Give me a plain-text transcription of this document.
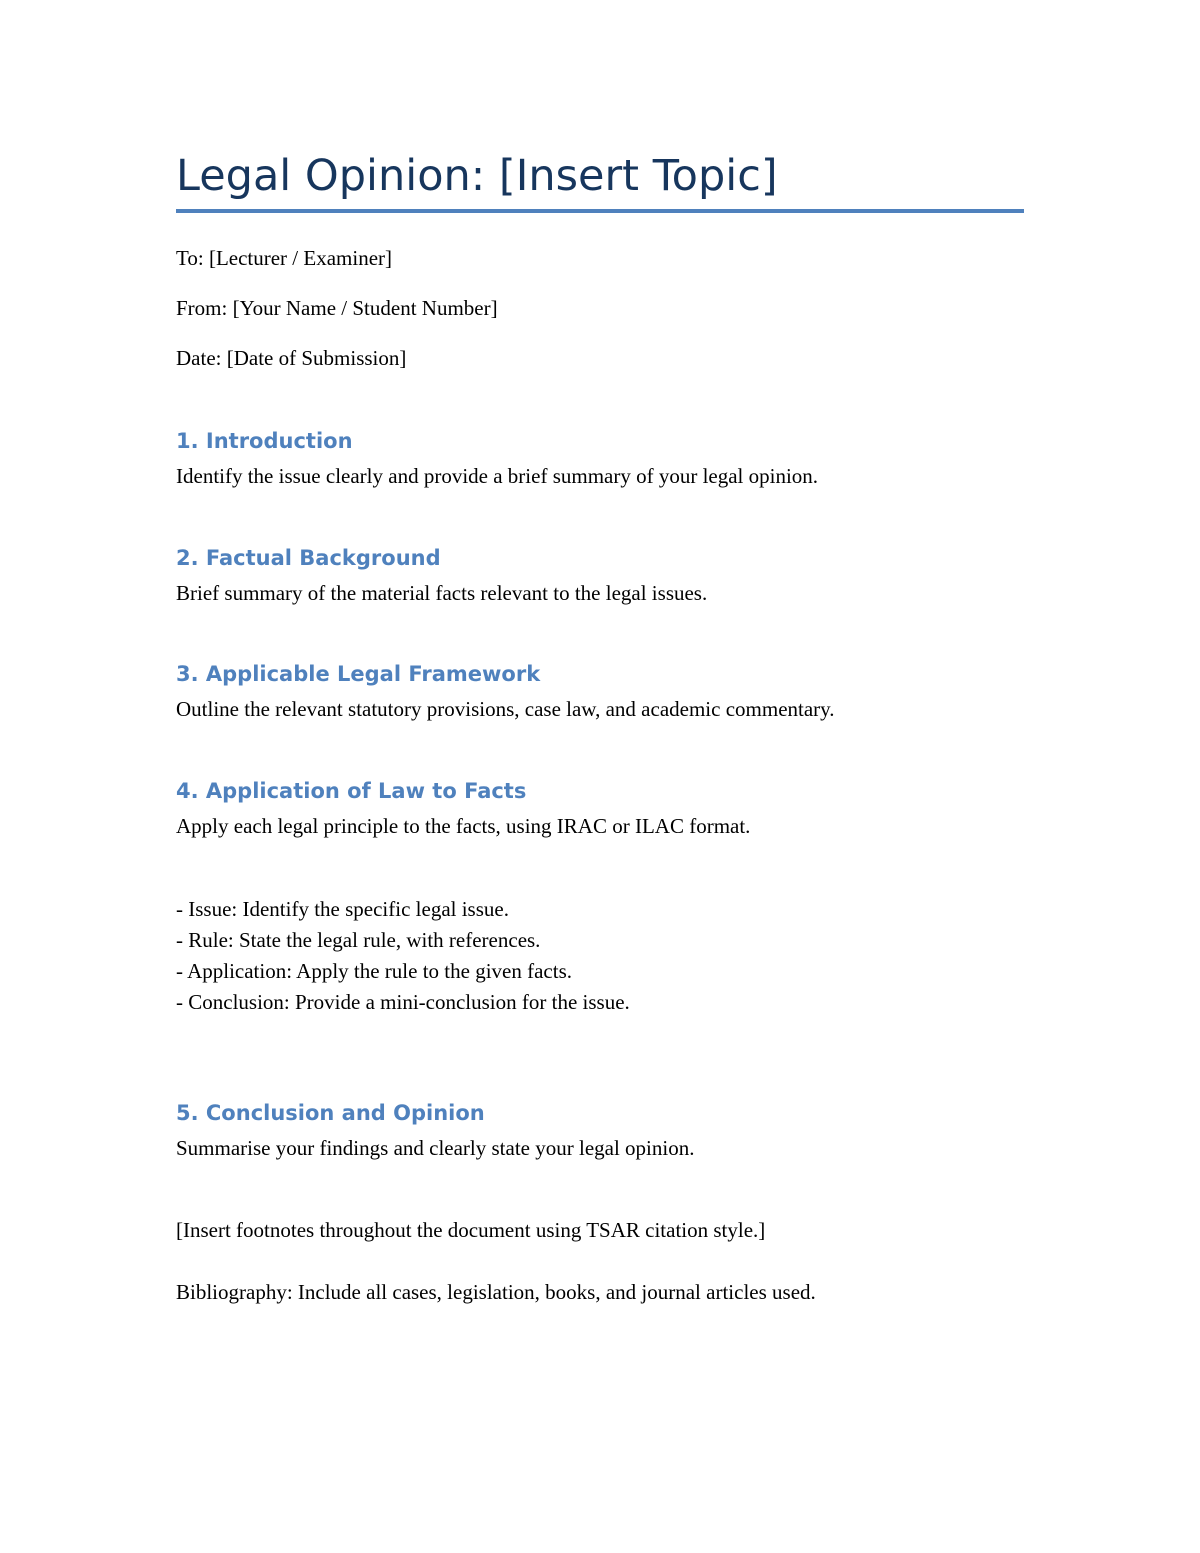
Legal Opinion: [Insert Topic]

To: [Lecturer / Examiner]

From: [Your Name / Student Number]

Date: [Date of Submission]

1. Introduction

Identify the issue clearly and provide a brief summary of your legal opinion.

2. Factual Background

Brief summary of the material facts relevant to the legal issues.

3. Applicable Legal Framework

Outline the relevant statutory provisions, case law, and academic commentary.

4. Application of Law to Facts

Apply each legal principle to the facts, using IRAC or ILAC format.

- Issue: Identify the specific legal issue.
- Rule: State the legal rule, with references.
- Application: Apply the rule to the given facts.
- Conclusion: Provide a mini-conclusion for the issue.
5. Conclusion and Opinion

Summarise your findings and clearly state your legal opinion.

[Insert footnotes throughout the document using TSAR citation style.]

Bibliography: Include all cases, legislation, books, and journal articles used.
